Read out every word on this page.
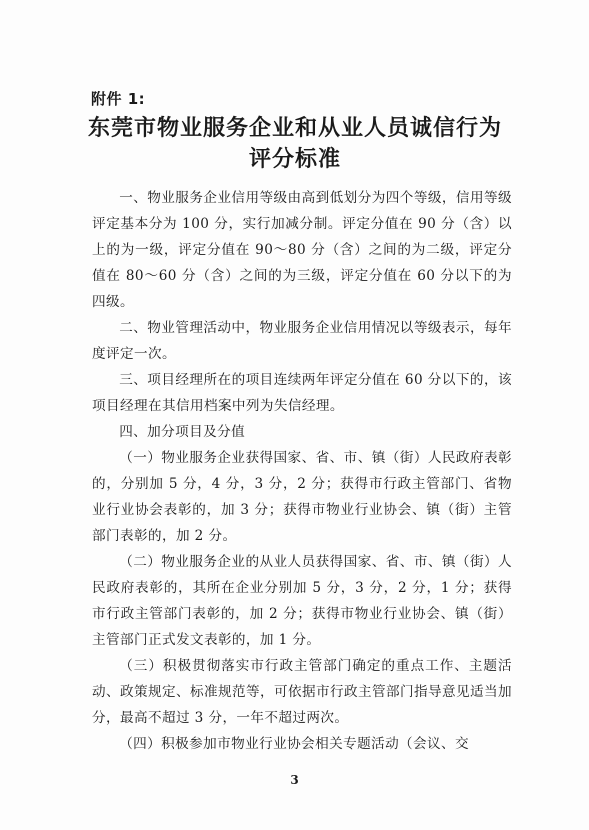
附件 1:
东莞市物业服务企业和从业人员诚信行为
评分标准

一、物业服务企业信用等级由高到低划分为四个等级，信用等级评定基本分为 100 分，实行加减分制。评定分值在 90 分（含）以上的为一级，评定分值在 90～80 分（含）之间的为二级，评定分值在 80～60 分（含）之间的为三级，评定分值在 60 分以下的为四级。

二、物业管理活动中，物业服务企业信用情况以等级表示，每年度评定一次。

三、项目经理所在的项目连续两年评定分值在 60 分以下的，该项目经理在其信用档案中列为失信经理。

四、加分项目及分值

（一）物业服务企业获得国家、省、市、镇（街）人民政府表彰的，分别加 5 分，4 分，3 分，2 分；获得市行政主管部门、省物业行业协会表彰的，加 3 分；获得市物业行业协会、镇（街）主管部门表彰的，加 2 分。

（二）物业服务企业的从业人员获得国家、省、市、镇（街）人民政府表彰的，其所在企业分别加 5 分，3 分，2 分，1 分；获得市行政主管部门表彰的，加 2 分；获得市物业行业协会、镇（街）主管部门正式发文表彰的，加 1 分。

（三）积极贯彻落实市行政主管部门确定的重点工作、主题活动、政策规定、标准规范等，可依据市行政主管部门指导意见适当加分，最高不超过 3 分，一年不超过两次。

（四）积极参加市物业行业协会相关专题活动（会议、交

3
